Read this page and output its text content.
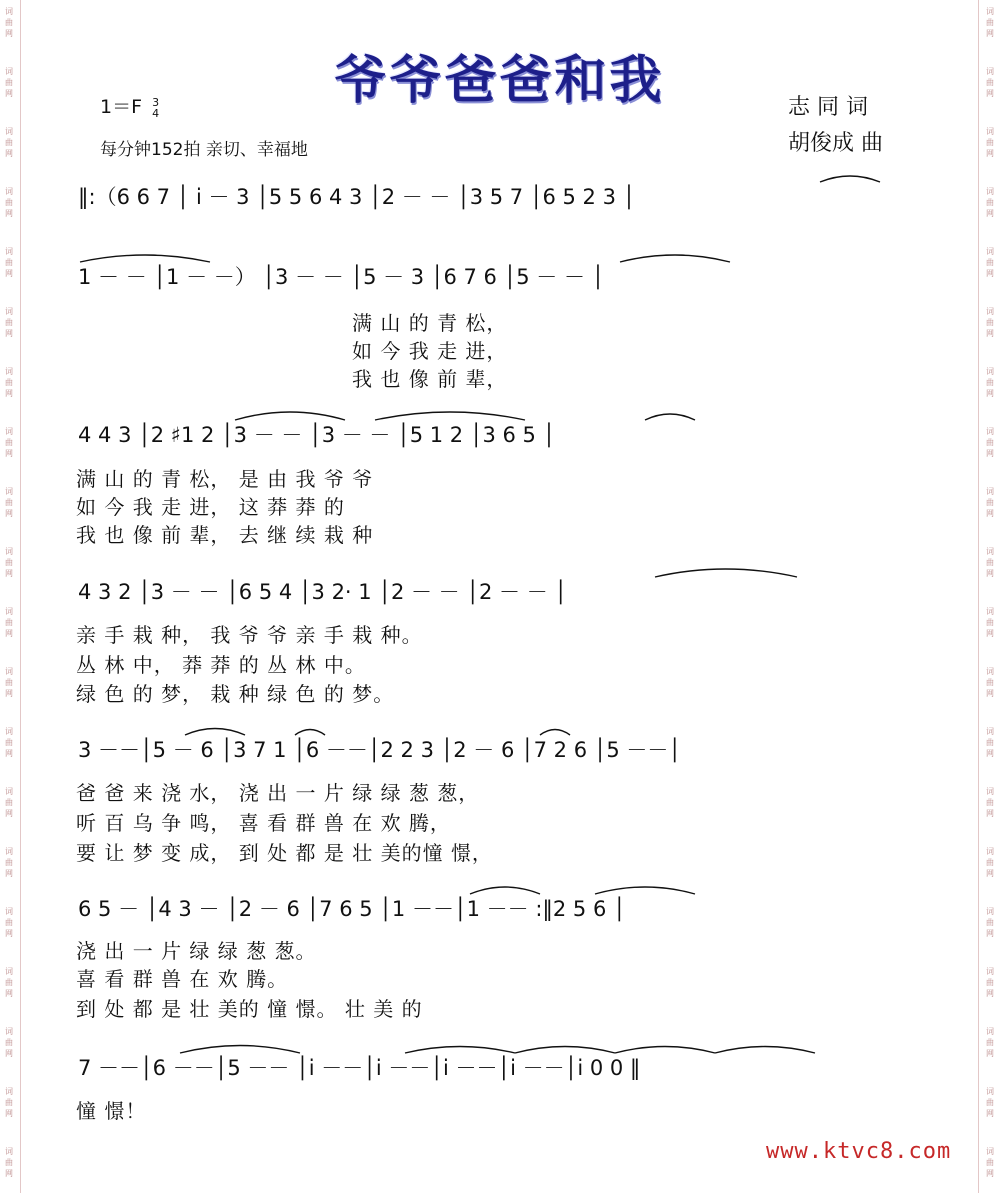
词
曲
网
词
曲
网
词
曲
网
词
曲
网
词
曲
网
词
曲
网
词
曲
网
词
曲
网
词
曲
网
词
曲
网
词
曲
网
词
曲
网
词
曲
网
词
曲
网
词
曲
网
词
曲
网
词
曲
网
词
曲
网
词
曲
网
词
曲
网
词
曲
网
词
曲
网
词
曲
网
词
曲
网
词
曲
网
词
曲
网
词
曲
网
词
曲
网
词
曲
网
词
曲
网
词
曲
网
词
曲
网
词
曲
网
词
曲
网
词
曲
网
词
曲
网
词
曲
网
词
曲
网
词
曲
网
词
曲
网
爷爷爸爸和我
1＝F 3
4
每分钟152拍 亲切、幸福地
志 同 词
胡俊成 曲
‖:（6 6 7 │ i － 3 │5 5 6 4 3 │2 － － │3 5 7 │6 5 2 3 │
1 － － │1 － －） │3 － － │5 － 3 │6 7 6 │5 － － │
满 山 的 青 松，
如 今 我 走 进，
我 也 像 前 辈，
4 4 3 │2 ♯1 2 │3 － － │3 － － │5 1 2 │3 6 5 │
满 山 的 青 松， 是 由 我 爷 爷
如 今 我 走 进， 这 莽 莽 的
我 也 像 前 辈， 去 继 续 栽 种
4 3 2 │3 － － │6 5 4 │3 2· 1 │2 － － │2 － － │
亲 手 栽 种， 我 爷 爷 亲 手 栽 种。
丛 林 中， 莽 莽 的 丛 林 中。
绿 色 的 梦， 栽 种 绿 色 的 梦。
3 －－│5 － 6 │3 7 1 │6 －－│2 2 3 │2 － 6 │7 2 6 │5 －－│
爸 爸 来 浇 水， 浇 出 一 片 绿 绿 葱 葱，
听 百 乌 争 鸣， 喜 看 群 兽 在 欢 腾，
要 让 梦 变 成， 到 处 都 是 壮 美的憧 憬，
6 5 － │4 3 － │2 － 6 │7 6 5 │1 －－│1 －－ :‖2 5 6 │
浇 出 一 片 绿 绿 葱 葱。
喜 看 群 兽 在 欢 腾。
到 处 都 是 壮 美的 憧 憬。 壮 美 的
7 －－│6 －－│5 －－ │i －－│i －－│i －－│i －－│i 0 0 ‖
憧 憬！
www.ktvc8.com
